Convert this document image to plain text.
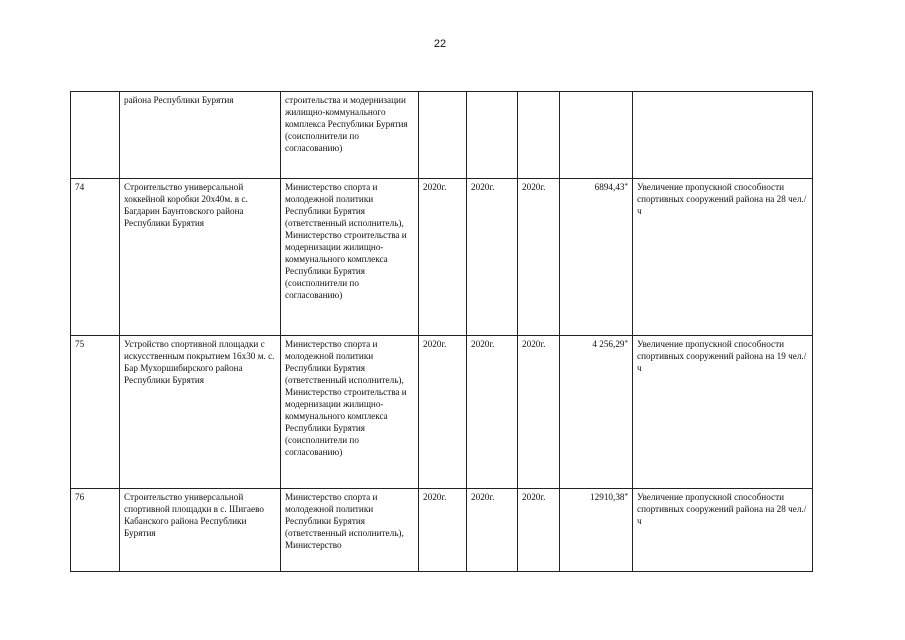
22
	района Республики Бурятия	строительства и модернизации жилищно-коммунального комплекса Республики Бурятия (соисполнители по согласованию)					
74	Строительство универсальной хоккейной коробки 20х40м. в с. Багдарин Баунтовского района Республики Бурятия	Министерство спорта и молодежной политики Республики Бурятия (ответственный исполнитель), Министерство строительства и модернизации жилищно-коммунального комплекса Республики Бурятия (соисполнители по согласованию)	2020г.	2020г.	2020г.	6894,43*	Увеличение пропускной способности спортивных сооружений района на 28 чел./ч
75	Устройство спортивной площадки с искусственным покрытием 16х30 м. с. Бар Мухоршибирского района Республики Бурятия	Министерство спорта и молодежной политики Республики Бурятия (ответственный исполнитель), Министерство строительства и модернизации жилищно-коммунального комплекса Республики Бурятия (соисполнители по согласованию)	2020г.	2020г.	2020г.	4 256,29*	Увеличение пропускной способности спортивных сооружений района на 19 чел./ч
76	Строительство универсальной спортивной площадки в с. Шигаево Кабанского района Республики Бурятия	Министерство спорта и молодежной политики Республики Бурятия (ответственный исполнитель), Министерство	2020г.	2020г.	2020г.	12910,38*	Увеличение пропускной способности спортивных сооружений района на 28 чел./ч
